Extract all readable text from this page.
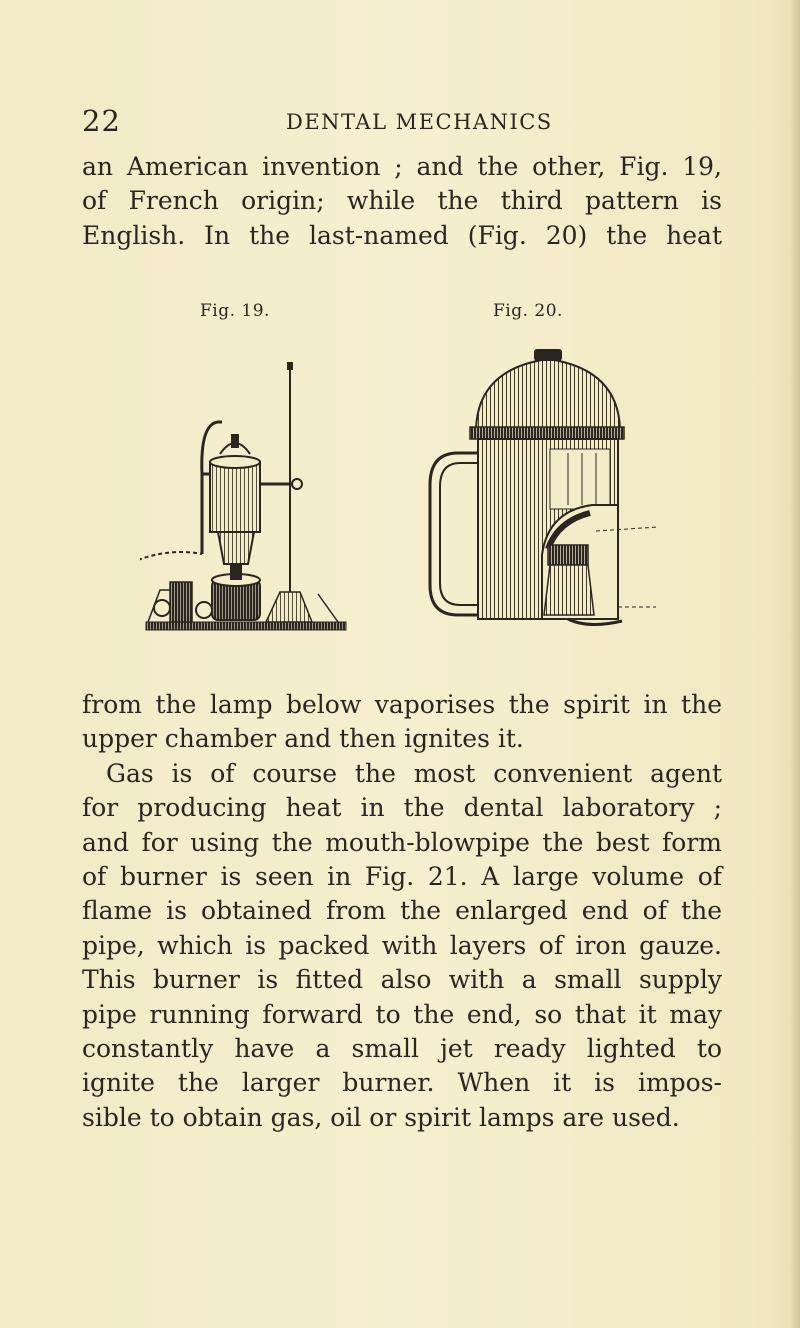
22	DENTAL MECHANICS

an American invention ; and the other, Fig. 19,
of French origin; while the third pattern is
English. In the last-named (Fig. 20) the heat

Fig. 19.	Fig. 20.

from the lamp below vaporises the spirit in the
upper chamber and then ignites it.
Gas is of course the most convenient agent
for producing heat in the dental laboratory ;
and for using the mouth-blowpipe the best form
of burner is seen in Fig. 21. A large volume of
flame is obtained from the enlarged end of the
pipe, which is packed with layers of iron gauze.
This burner is fitted also with a small supply
pipe running forward to the end, so that it may
constantly have a small jet ready lighted to
ignite the larger burner. When it is impos-
sible to obtain gas, oil or spirit lamps are used.
